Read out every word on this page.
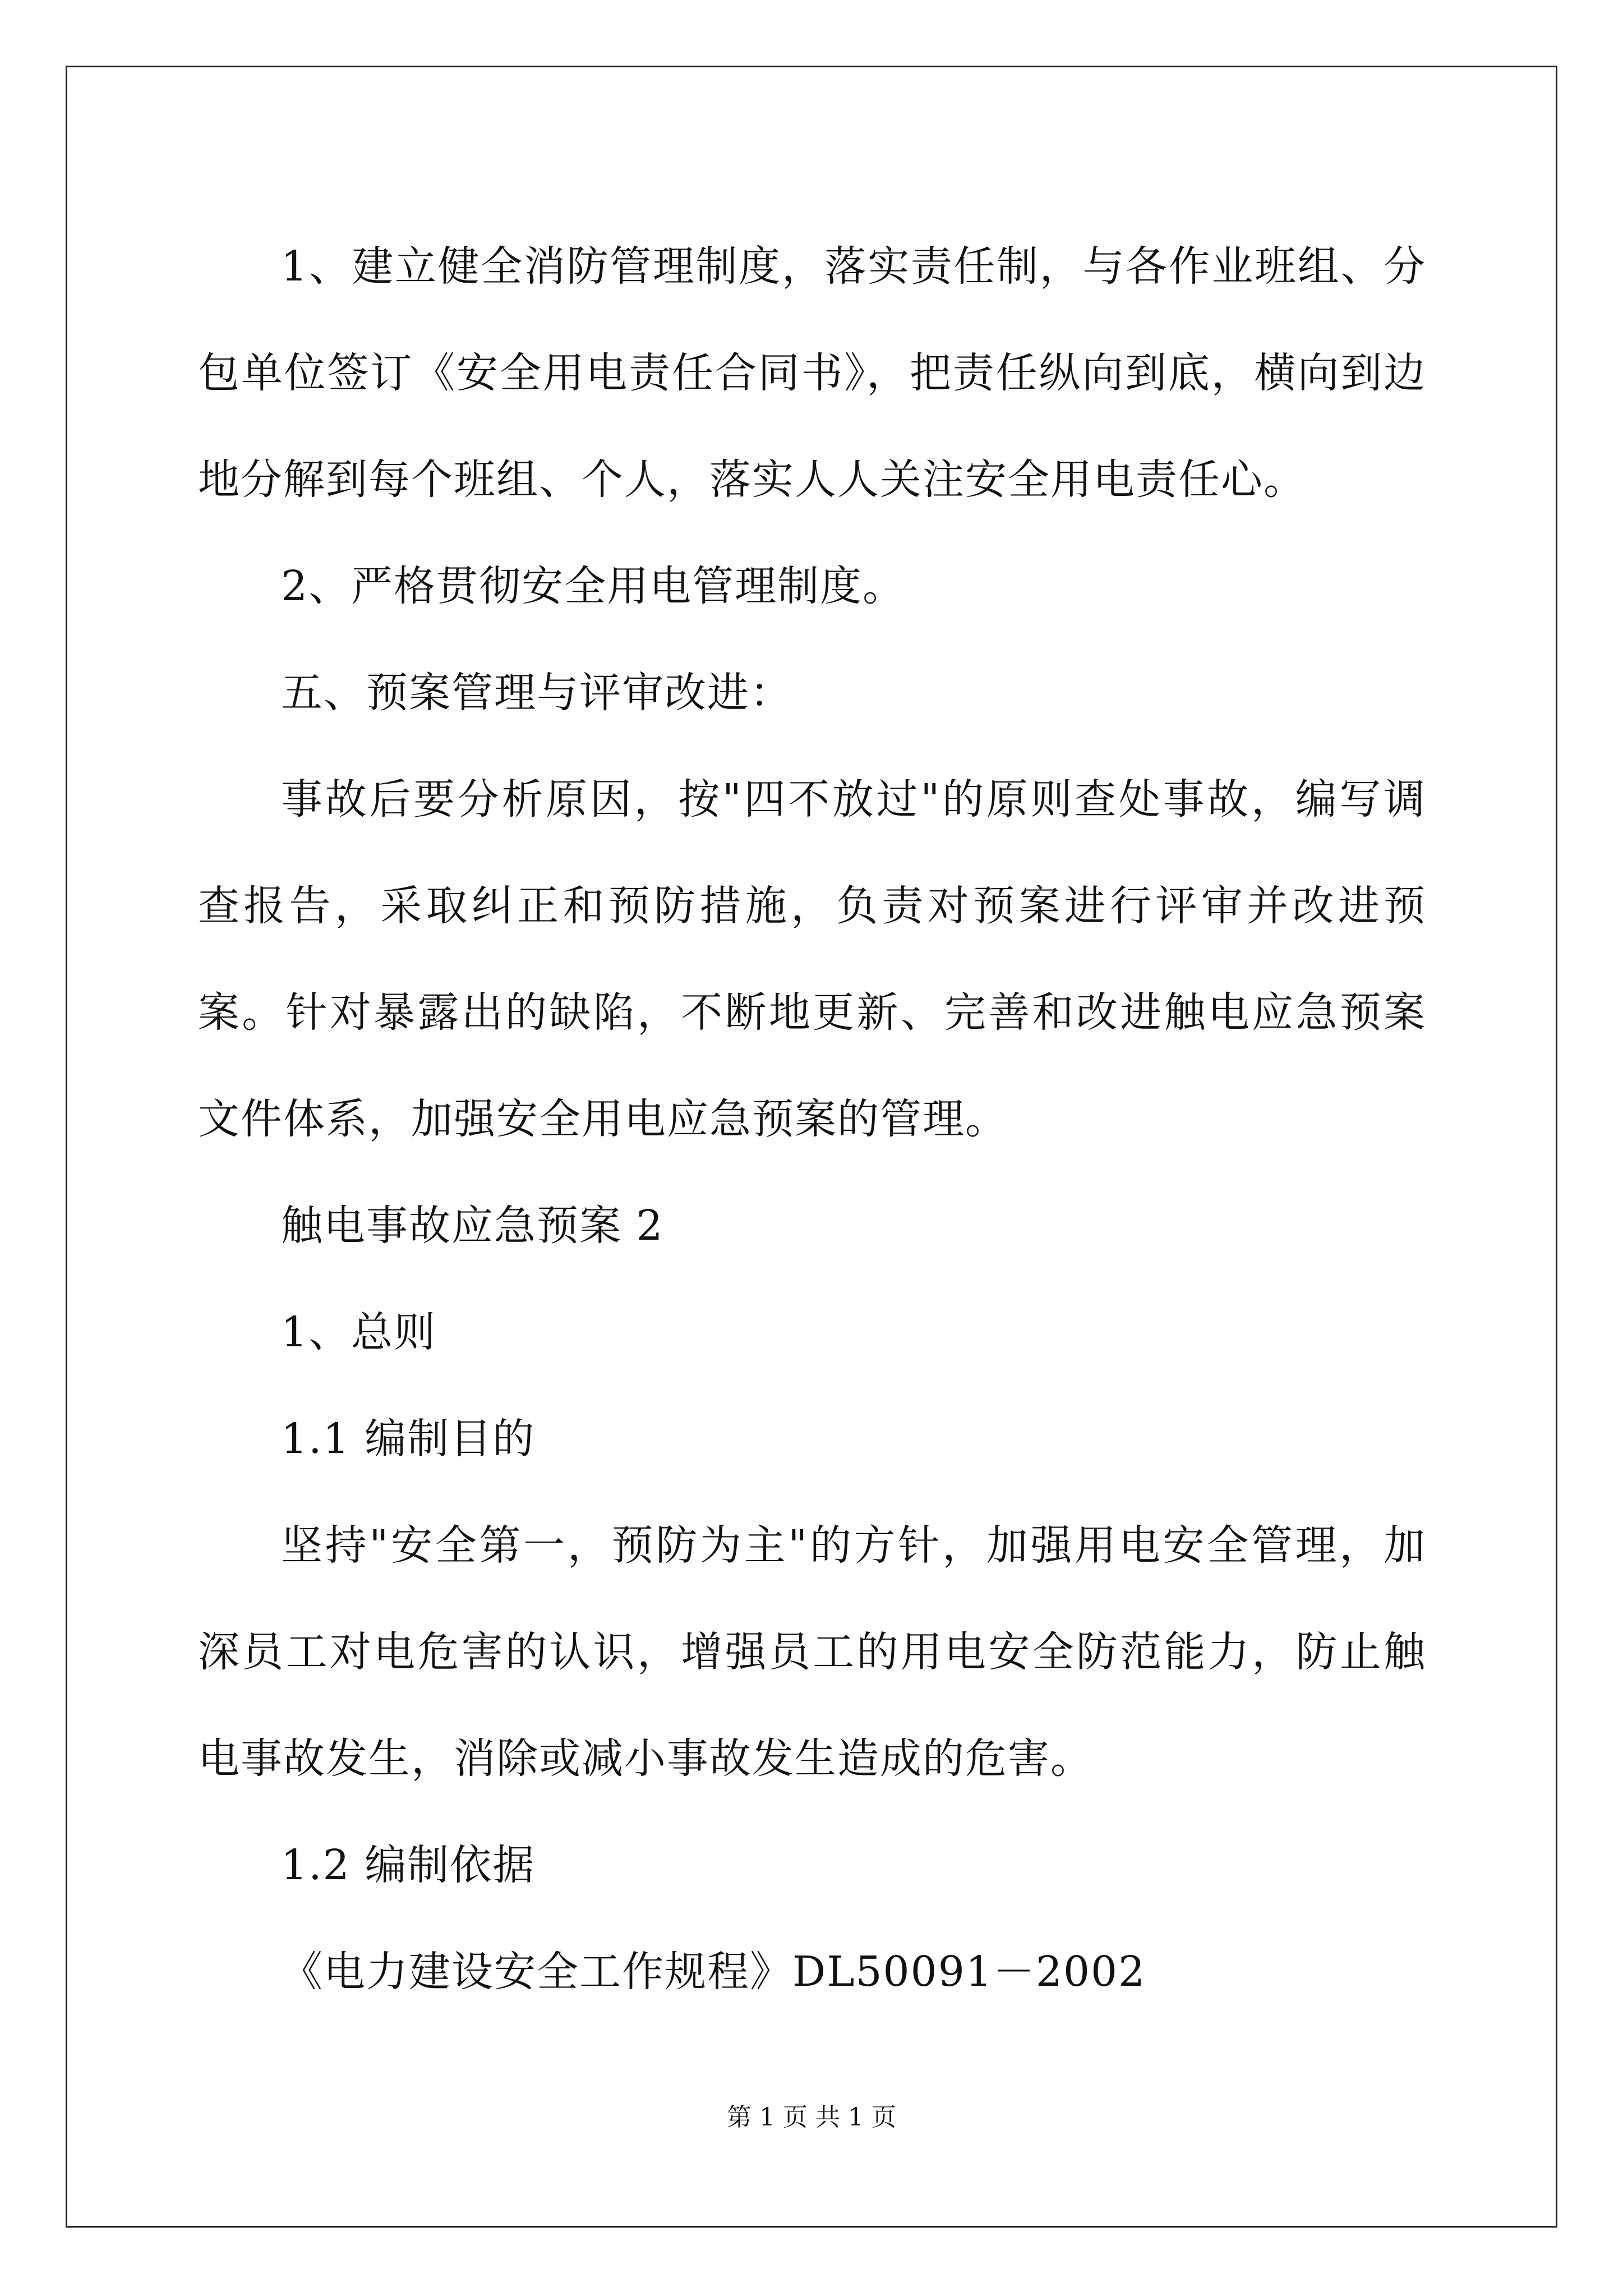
1、建立健全消防管理制度，落实责任制，与各作业班组、分包单位签订《安全用电责任合同书》，把责任纵向到底，横向到边地分解到每个班组、个人，落实人人关注安全用电责任心。

2、严格贯彻安全用电管理制度。

五、预案管理与评审改进：

事故后要分析原因，按"四不放过"的原则查处事故，编写调查报告，采取纠正和预防措施，负责对预案进行评审并改进预案。针对暴露出的缺陷，不断地更新、完善和改进触电应急预案文件体系，加强安全用电应急预案的管理。

触电事故应急预案 2

1、总则

1.1 编制目的

坚持"安全第一，预防为主"的方针，加强用电安全管理，加深员工对电危害的认识，增强员工的用电安全防范能力，防止触电事故发生，消除或减小事故发生造成的危害。

1.2 编制依据

《电力建设安全工作规程》DL50091－2002

第 1 页 共 1 页
